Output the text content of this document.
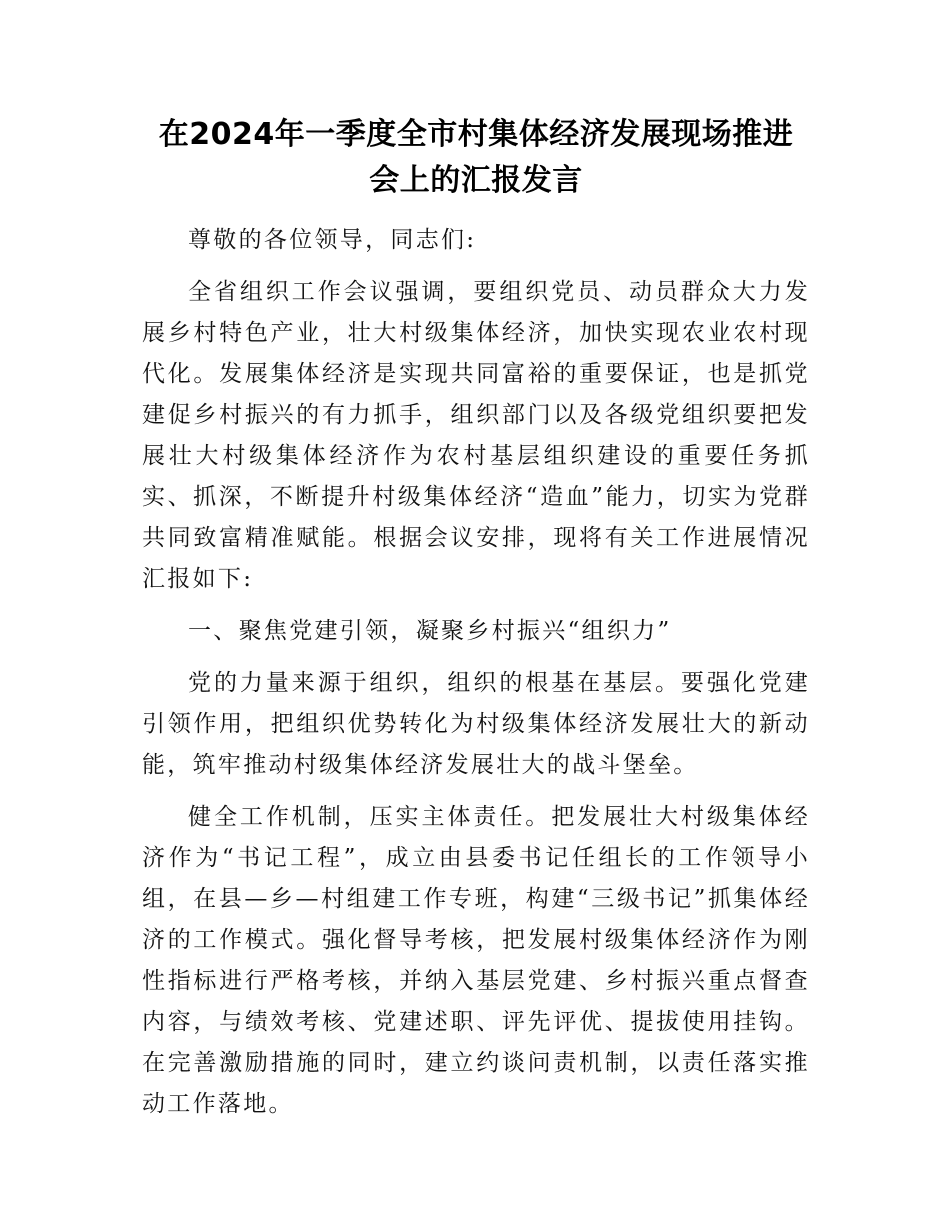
在2024年一季度全市村集体经济发展现场推进
会上的汇报发言

尊敬的各位领导，同志们:

全省组织工作会议强调，要组织党员、动员群众大力发展乡村特色产业，壮大村级集体经济，加快实现农业农村现代化。发展集体经济是实现共同富裕的重要保证，也是抓党建促乡村振兴的有力抓手，组织部门以及各级党组织要把发展壮大村级集体经济作为农村基层组织建设的重要任务抓实、抓深，不断提升村级集体经济“造血”能力，切实为党群共同致富精准赋能。根据会议安排，现将有关工作进展情况汇报如下:

一、聚焦党建引领，凝聚乡村振兴“组织力”

党的力量来源于组织，组织的根基在基层。要强化党建引领作用，把组织优势转化为村级集体经济发展壮大的新动能，筑牢推动村级集体经济发展壮大的战斗堡垒。

健全工作机制，压实主体责任。把发展壮大村级集体经济作为“书记工程”，成立由县委书记任组长的工作领导小组，在县—乡—村组建工作专班，构建“三级书记”抓集体经济的工作模式。强化督导考核，把发展村级集体经济作为刚性指标进行严格考核，并纳入基层党建、乡村振兴重点督查内容，与绩效考核、党建述职、评先评优、提拔使用挂钩。在完善激励措施的同时，建立约谈问责机制，以责任落实推动工作落地。
